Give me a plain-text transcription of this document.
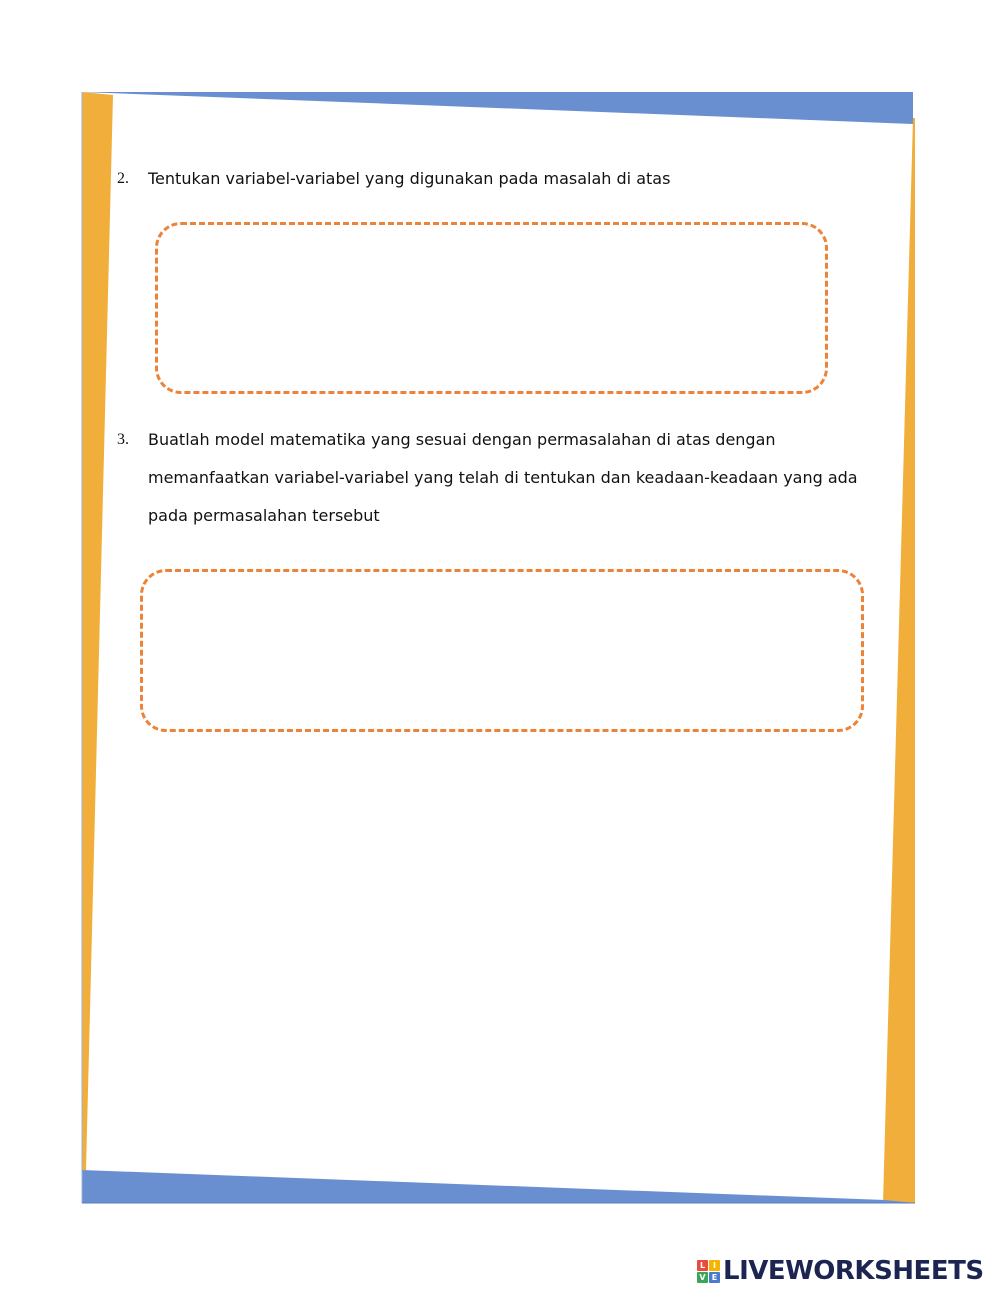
2. Tentukan variabel-variabel yang digunakan pada masalah di atas
3. Buatlah model matematika yang sesuai dengan permasalahan di atas dengan
memanfaatkan variabel-variabel yang telah di tentukan dan keadaan-keadaan yang ada
pada permasalahan tersebut
L I
V E LIVEWORKSHEETS
